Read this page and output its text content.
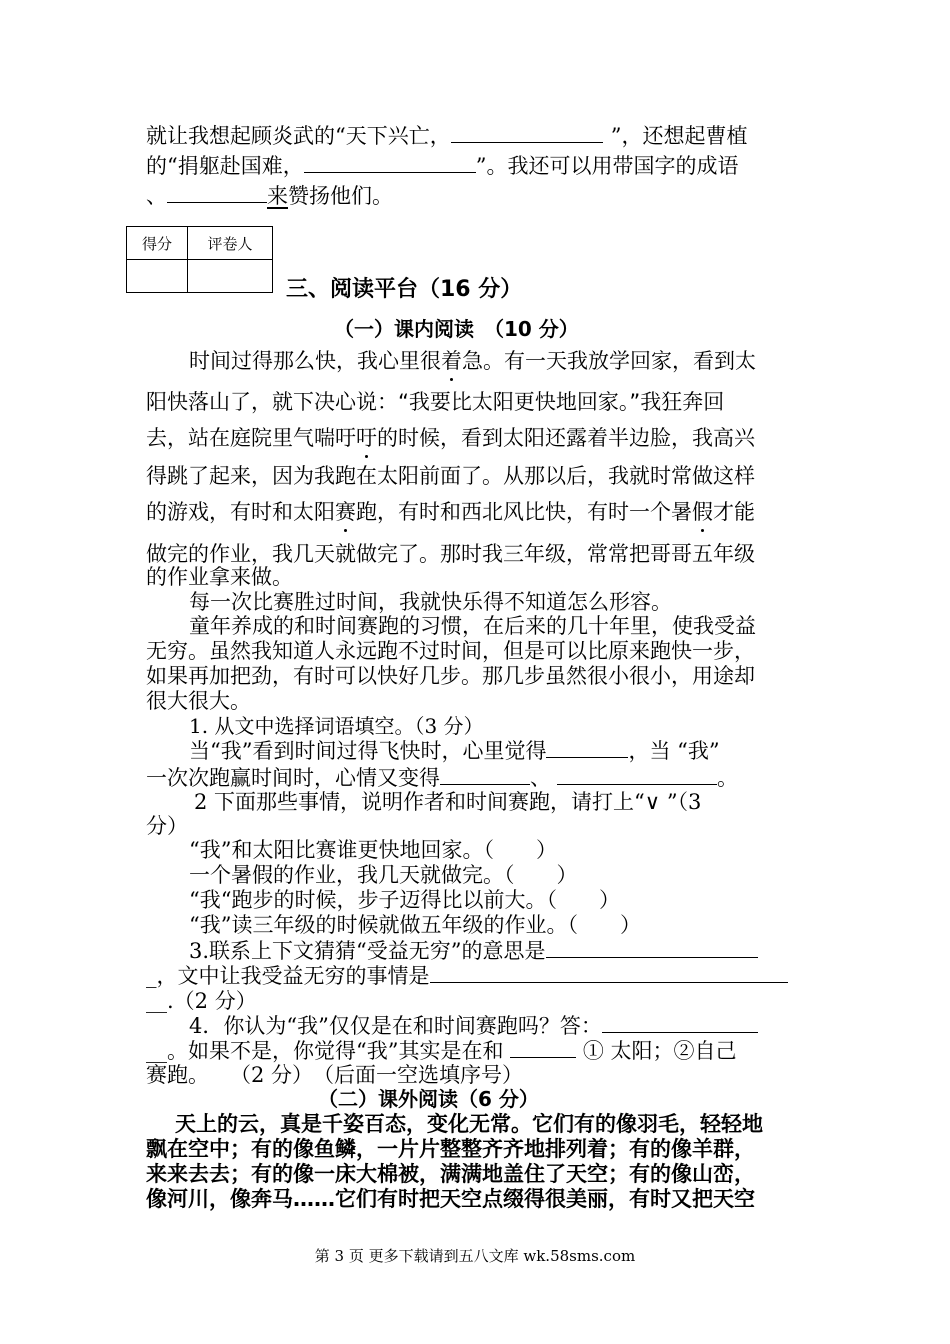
就让我想起顾炎武的“天下兴亡，	”，还想起曹植
的“捐躯赴国难，	”。我还可以用带国字的成语
、	来赞扬他们。
得分	评卷人

三、阅读平台（16 分）
（一）课内阅读　（10 分）
时间过得那么快，我心里很着急。有一天我放学回家，看到太
阳快落山了，就下决心说：“我要比太阳更快地回家。”我狂奔回
去，站在庭院里气喘吁吁的时候，看到太阳还露着半边脸，我高兴
得跳了起来，因为我跑在太阳前面了。从那以后，我就时常做这样
的游戏，有时和太阳赛跑，有时和西北风比快，有时一个暑假才能
做完的作业，我几天就做完了。那时我三年级，常常把哥哥五年级
的作业拿来做。
每一次比赛胜过时间，我就快乐得不知道怎么形容。
童年养成的和时间赛跑的习惯，在后来的几十年里，使我受益
无穷。虽然我知道人永远跑不过时间，但是可以比原来跑快一步，
如果再加把劲，有时可以快好几步。那几步虽然很小很小，用途却
很大很大。
1. 从文中选择词语填空。（3 分）
当“我”看到时间过得飞快时，心里觉得	，当 “我”
一次次跑赢时间时，心情又变得	、	。
2 下面那些事情，说明作者和时间赛跑，请打上“∨ ”（3
分）
“我”和太阳比赛谁更快地回家。（　　）
一个暑假的作业，我几天就做完。（　　）
“我“跑步的时候，步子迈得比以前大。（　　）
“我”读三年级的时候就做五年级的作业。（　　）
3.联系上下文猜猜“受益无穷”的意思是
_，文中让我受益无穷的事情是
__.（2 分）
4．你认为“我”仅仅是在和时间赛跑吗？答：
__。如果不是，你觉得“我”其实是在和	① 太阳；②自己
赛跑。　　（2 分）　（后面一空选填序号）
（二）课外阅读（6 分）
天上的云，真是千姿百态，变化无常。它们有的像羽毛，轻轻地
飘在空中；有的像鱼鳞，一片片整整齐齐地排列着；有的像羊群，
来来去去；有的像一床大棉被，满满地盖住了天空；有的像山峦，
像河川，像奔马……它们有时把天空点缀得很美丽，有时又把天空
第 3 页 更多下载请到五八文库 wk.58sms.com
